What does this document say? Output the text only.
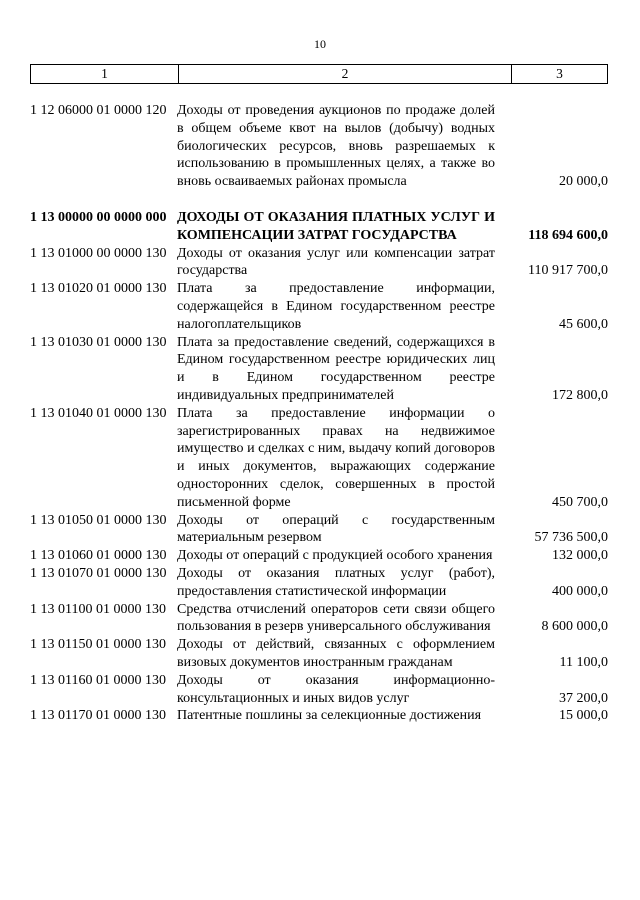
10
1	2	3
1 12 06000 01 0000 120 Доходы от проведения аукционов по продаже долей в общем объеме квот на вылов (добычу) водных биологических ресурсов, вновь разрешаемых к использованию в промышленных целях, а также во вновь осваиваемых районах промысла	20 000,0
1 13 00000 00 0000 000 ДОХОДЫ ОТ ОКАЗАНИЯ ПЛАТНЫХ УСЛУГ И КОМПЕНСАЦИИ ЗАТРАТ ГОСУДАРСТВА	118 694 600,0
1 13 01000 00 0000 130 Доходы от оказания услуг или компенсации затрат государства	110 917 700,0
1 13 01020 01 0000 130 Плата за предоставление информации, содержащейся в Едином государственном реестре налогоплательщиков	45 600,0
1 13 01030 01 0000 130 Плата за предоставление сведений, содержащихся в Едином государственном реестре юридических лиц и в Едином государственном реестре индивидуальных предпринимателей	172 800,0
1 13 01040 01 0000 130 Плата за предоставление информации о зарегистрированных правах на недвижимое имущество и сделках с ним, выдачу копий договоров и иных документов, выражающих содержание односторонних сделок, совершенных в простой письменной форме	450 700,0
1 13 01050 01 0000 130 Доходы от операций с государственным материальным резервом	57 736 500,0
1 13 01060 01 0000 130 Доходы от операций с продукцией особого хранения	132 000,0
1 13 01070 01 0000 130 Доходы от оказания платных услуг (работ), предоставления статистической информации	400 000,0
1 13 01100 01 0000 130 Средства отчислений операторов сети связи общего пользования в резерв универсального обслуживания	8 600 000,0
1 13 01150 01 0000 130 Доходы от действий, связанных с оформлением визовых документов иностранным гражданам	11 100,0
1 13 01160 01 0000 130 Доходы от оказания информационно-консультационных и иных видов услуг	37 200,0
1 13 01170 01 0000 130 Патентные пошлины за селекционные достижения	15 000,0
